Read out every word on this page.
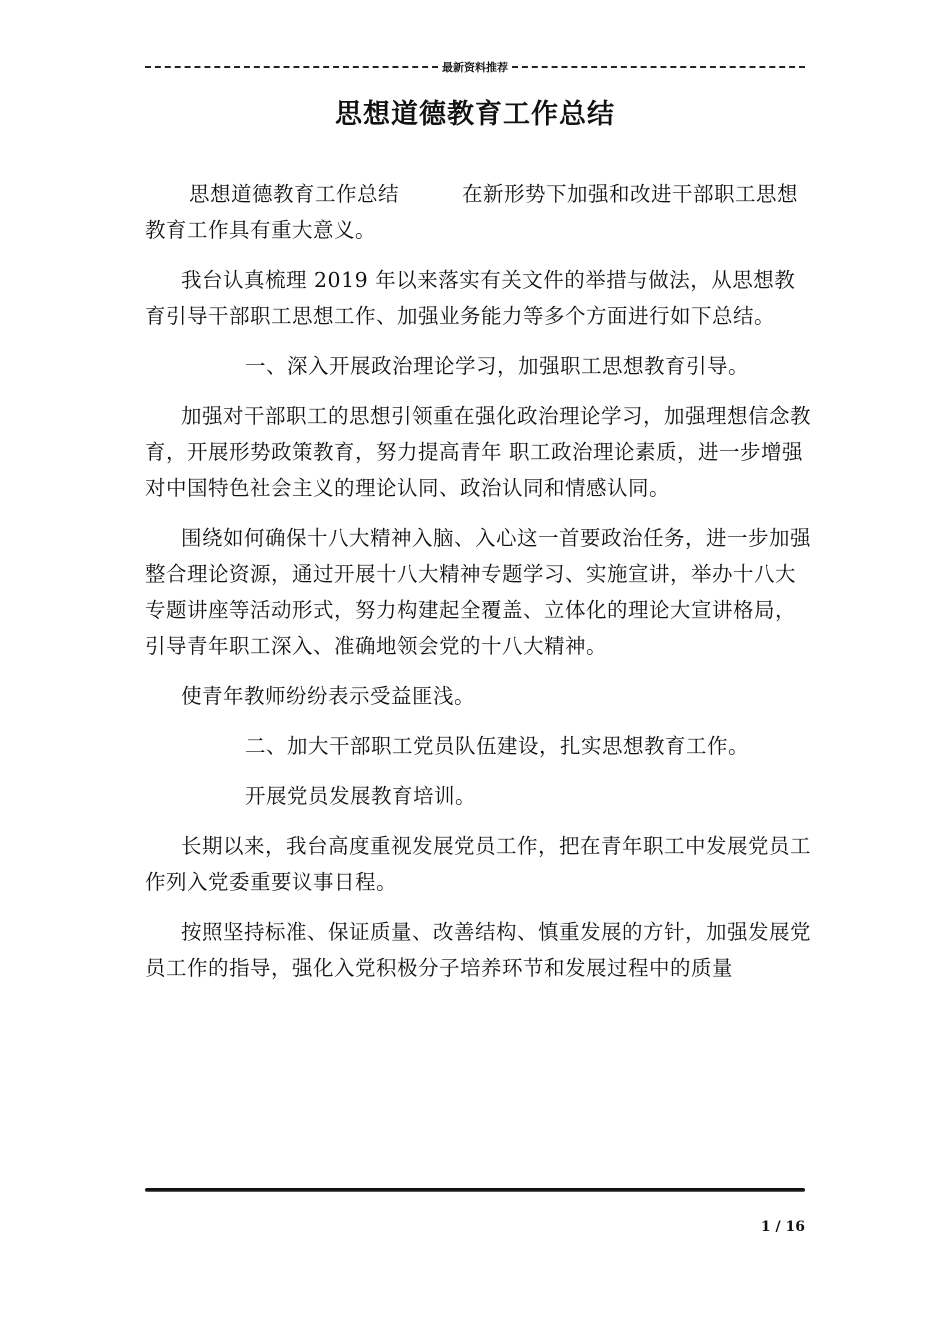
最新资料推荐
思想道德教育工作总结

思想道德教育工作总结　　　在新形势下加强和改进干部职工思想教育工作具有重大意义。

我台认真梳理 2019 年以来落实有关文件的举措与做法，从思想教育引导干部职工思想工作、加强业务能力等多个方面进行如下总结。

一、深入开展政治理论学习，加强职工思想教育引导。

加强对干部职工的思想引领重在强化政治理论学习，加强理想信念教育，开展形势政策教育，努力提高青年 职工政治理论素质，进一步增强对中国特色社会主义的理论认同、政治认同和情感认同。

围绕如何确保十八大精神入脑、入心这一首要政治任务，进一步加强整合理论资源，通过开展十八大精神专题学习、实施宣讲，举办十八大专题讲座等活动形式，努力构建起全覆盖、立体化的理论大宣讲格局，引导青年职工深入、准确地领会党的十八大精神。

使青年教师纷纷表示受益匪浅。

二、加大干部职工党员队伍建设，扎实思想教育工作。

开展党员发展教育培训。

长期以来，我台高度重视发展党员工作，把在青年职工中发展党员工作列入党委重要议事日程。

按照坚持标准、保证质量、改善结构、慎重发展的方针，加强发展党员工作的指导，强化入党积极分子培养环节和发展过程中的质量

1 / 16
